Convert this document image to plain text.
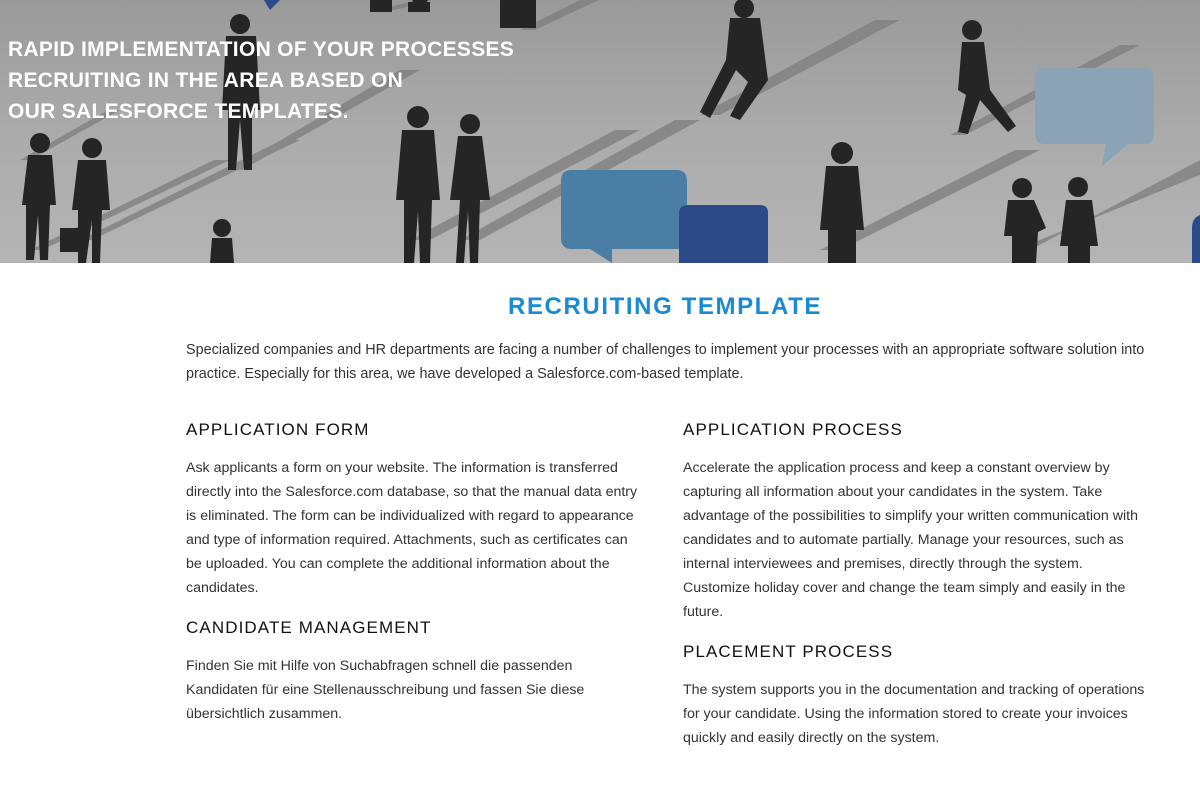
RAPID IMPLEMENTATION OF YOUR PROCESSES
RECRUITING IN THE AREA BASED ON
OUR SALESFORCE TEMPLATES.
RECRUITING TEMPLATE

Specialized companies and HR departments are facing a number of challenges to implement your processes with an appropriate software solution into practice. Especially for this area, we have developed a Salesforce.com-based template.

APPLICATION FORM

Ask applicants a form on your website. The information is transferred directly into the Salesforce.com database, so that the manual data entry is eliminated. The form can be individualized with regard to appearance and type of information required. Attachments, such as certificates can be uploaded. You can complete the additional information about the candidates.

CANDIDATE MANAGEMENT

Finden Sie mit Hilfe von Suchabfragen schnell die passenden Kandidaten für eine Stellenausschreibung und fassen Sie diese übersichtlich zusammen.

APPLICATION PROCESS

Accelerate the application process and keep a constant overview by capturing all information about your candidates in the system. Take advantage of the possibilities to simplify your written communication with candidates and to automate partially. Manage your resources, such as internal interviewees and premises, directly through the system. Customize holiday cover and change the team simply and easily in the future.

PLACEMENT PROCESS

The system supports you in the documentation and tracking of operations for your candidate. Using the information stored to create your invoices quickly and easily directly on the system.
